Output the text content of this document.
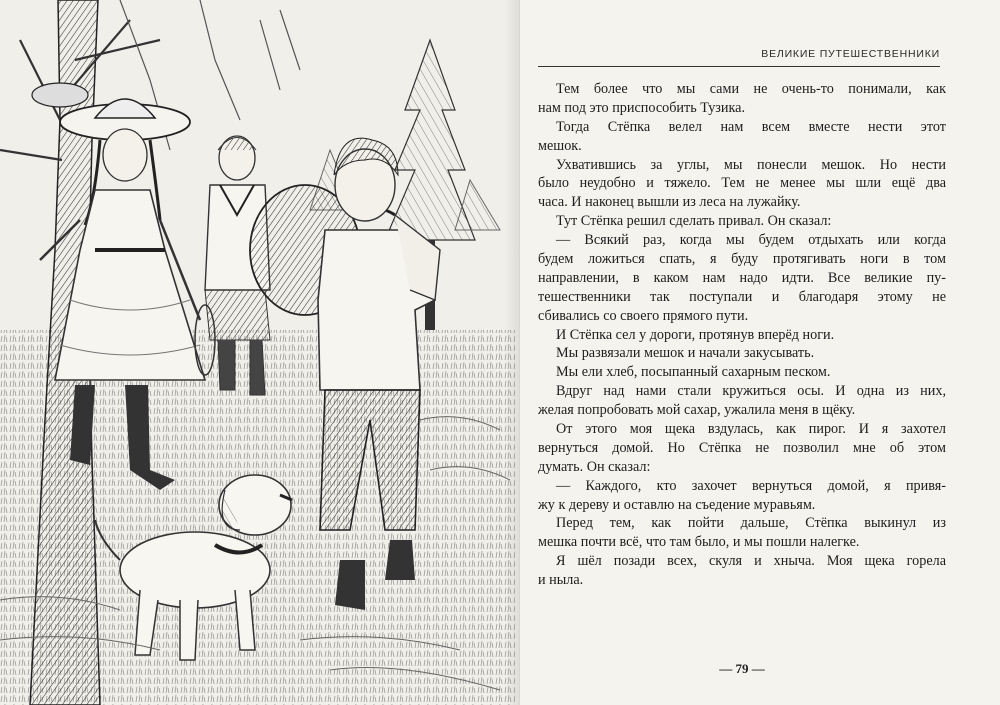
ВЕЛИКИЕ ПУТЕШЕСТВЕННИКИ
Тем более что мы сами не очень-то понимали, как
нам под это приспособить Тузика.
Тогда Стёпка велел нам всем вместе нести этот
мешок.
Ухватившись за углы, мы понесли мешок. Но нести
было неудобно и тяжело. Тем не менее мы шли ещё два
часа. И наконец вышли из леса на лужайку.
Тут Стёпка решил сделать привал. Он сказал:
— Всякий раз, когда мы будем отдыхать или когда
будем ложиться спать, я буду протягивать ноги в том
направлении, в каком нам надо идти. Все великие пу-
тешественники так поступали и благодаря этому не
сбивались со своего прямого пути.
И Стёпка сел у дороги, протянув вперёд ноги.
Мы развязали мешок и начали закусывать.
Мы ели хлеб, посыпанный сахарным песком.
Вдруг над нами стали кружиться осы. И одна из них,
желая попробовать мой сахар, ужалила меня в щёку.
От этого моя щека вздулась, как пирог. И я захотел
вернуться домой. Но Стёпка не позволил мне об этом
думать. Он сказал:
— Каждого, кто захочет вернуться домой, я привя-
жу к дереву и оставлю на съедение муравьям.
Перед тем, как пойти дальше, Стёпка выкинул из
мешка почти всё, что там было, и мы пошли налегке.
Я шёл позади всех, скуля и хныча. Моя щека горела
и ныла.
— 79 —
